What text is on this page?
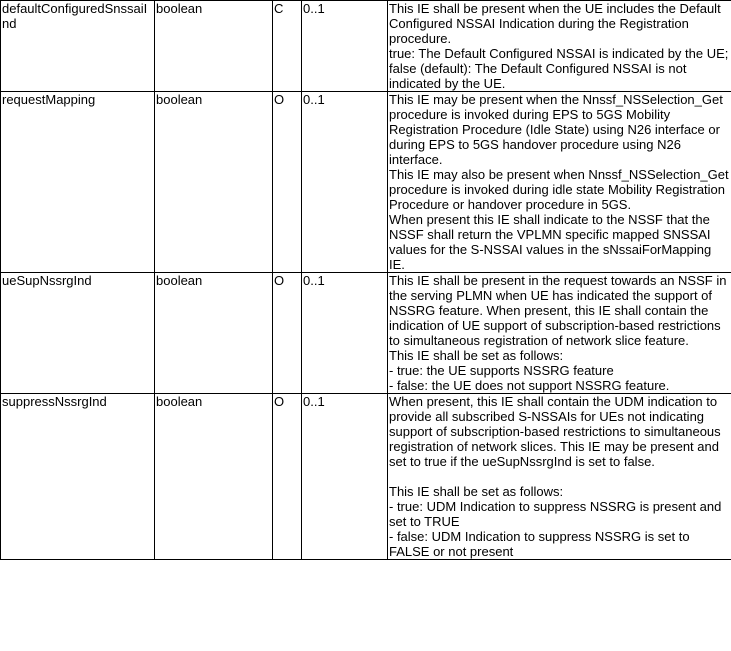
defaultConfiguredSnssaiInd	boolean	C	0..1	This IE shall be present when the UE includes the Default Configured NSSAI Indication during the Registration procedure.
true: The Default Configured NSSAI is indicated by the UE;
false (default): The Default Configured NSSAI is not indicated by the UE.

requestMapping	boolean	O	0..1	This IE may be present when the Nnssf_NSSelection_Get procedure is invoked during EPS to 5GS Mobility Registration Procedure (Idle State) using N26 interface or during EPS to 5GS handover procedure using N26 interface.
This IE may also be present when Nnssf_NSSelection_Get procedure is invoked during idle state Mobility Registration Procedure or handover procedure in 5GS.
When present this IE shall indicate to the NSSF that the NSSF shall return the VPLMN specific mapped SNSSAI values for the S-NSSAI values in the sNssaiForMapping IE.

ueSupNssrgInd	boolean	O	0..1	This IE shall be present in the request towards an NSSF in the serving PLMN when UE has indicated the support of NSSRG feature. When present, this IE shall contain the indication of UE support of subscription-based restrictions to simultaneous registration of network slice feature.
This IE shall be set as follows:
- true: the UE supports NSSRG feature
- false: the UE does not support NSSRG feature.

suppressNssrgInd	boolean	O	0..1	When present, this IE shall contain the UDM indication to provide all subscribed S-NSSAIs for UEs not indicating support of subscription-based restrictions to simultaneous registration of network slices. This IE may be present and set to true if the ueSupNssrgInd is set to false.
This IE shall be set as follows:
- true: UDM Indication to suppress NSSRG is present and set to TRUE
- false: UDM Indication to suppress NSSRG is set to FALSE or not present
